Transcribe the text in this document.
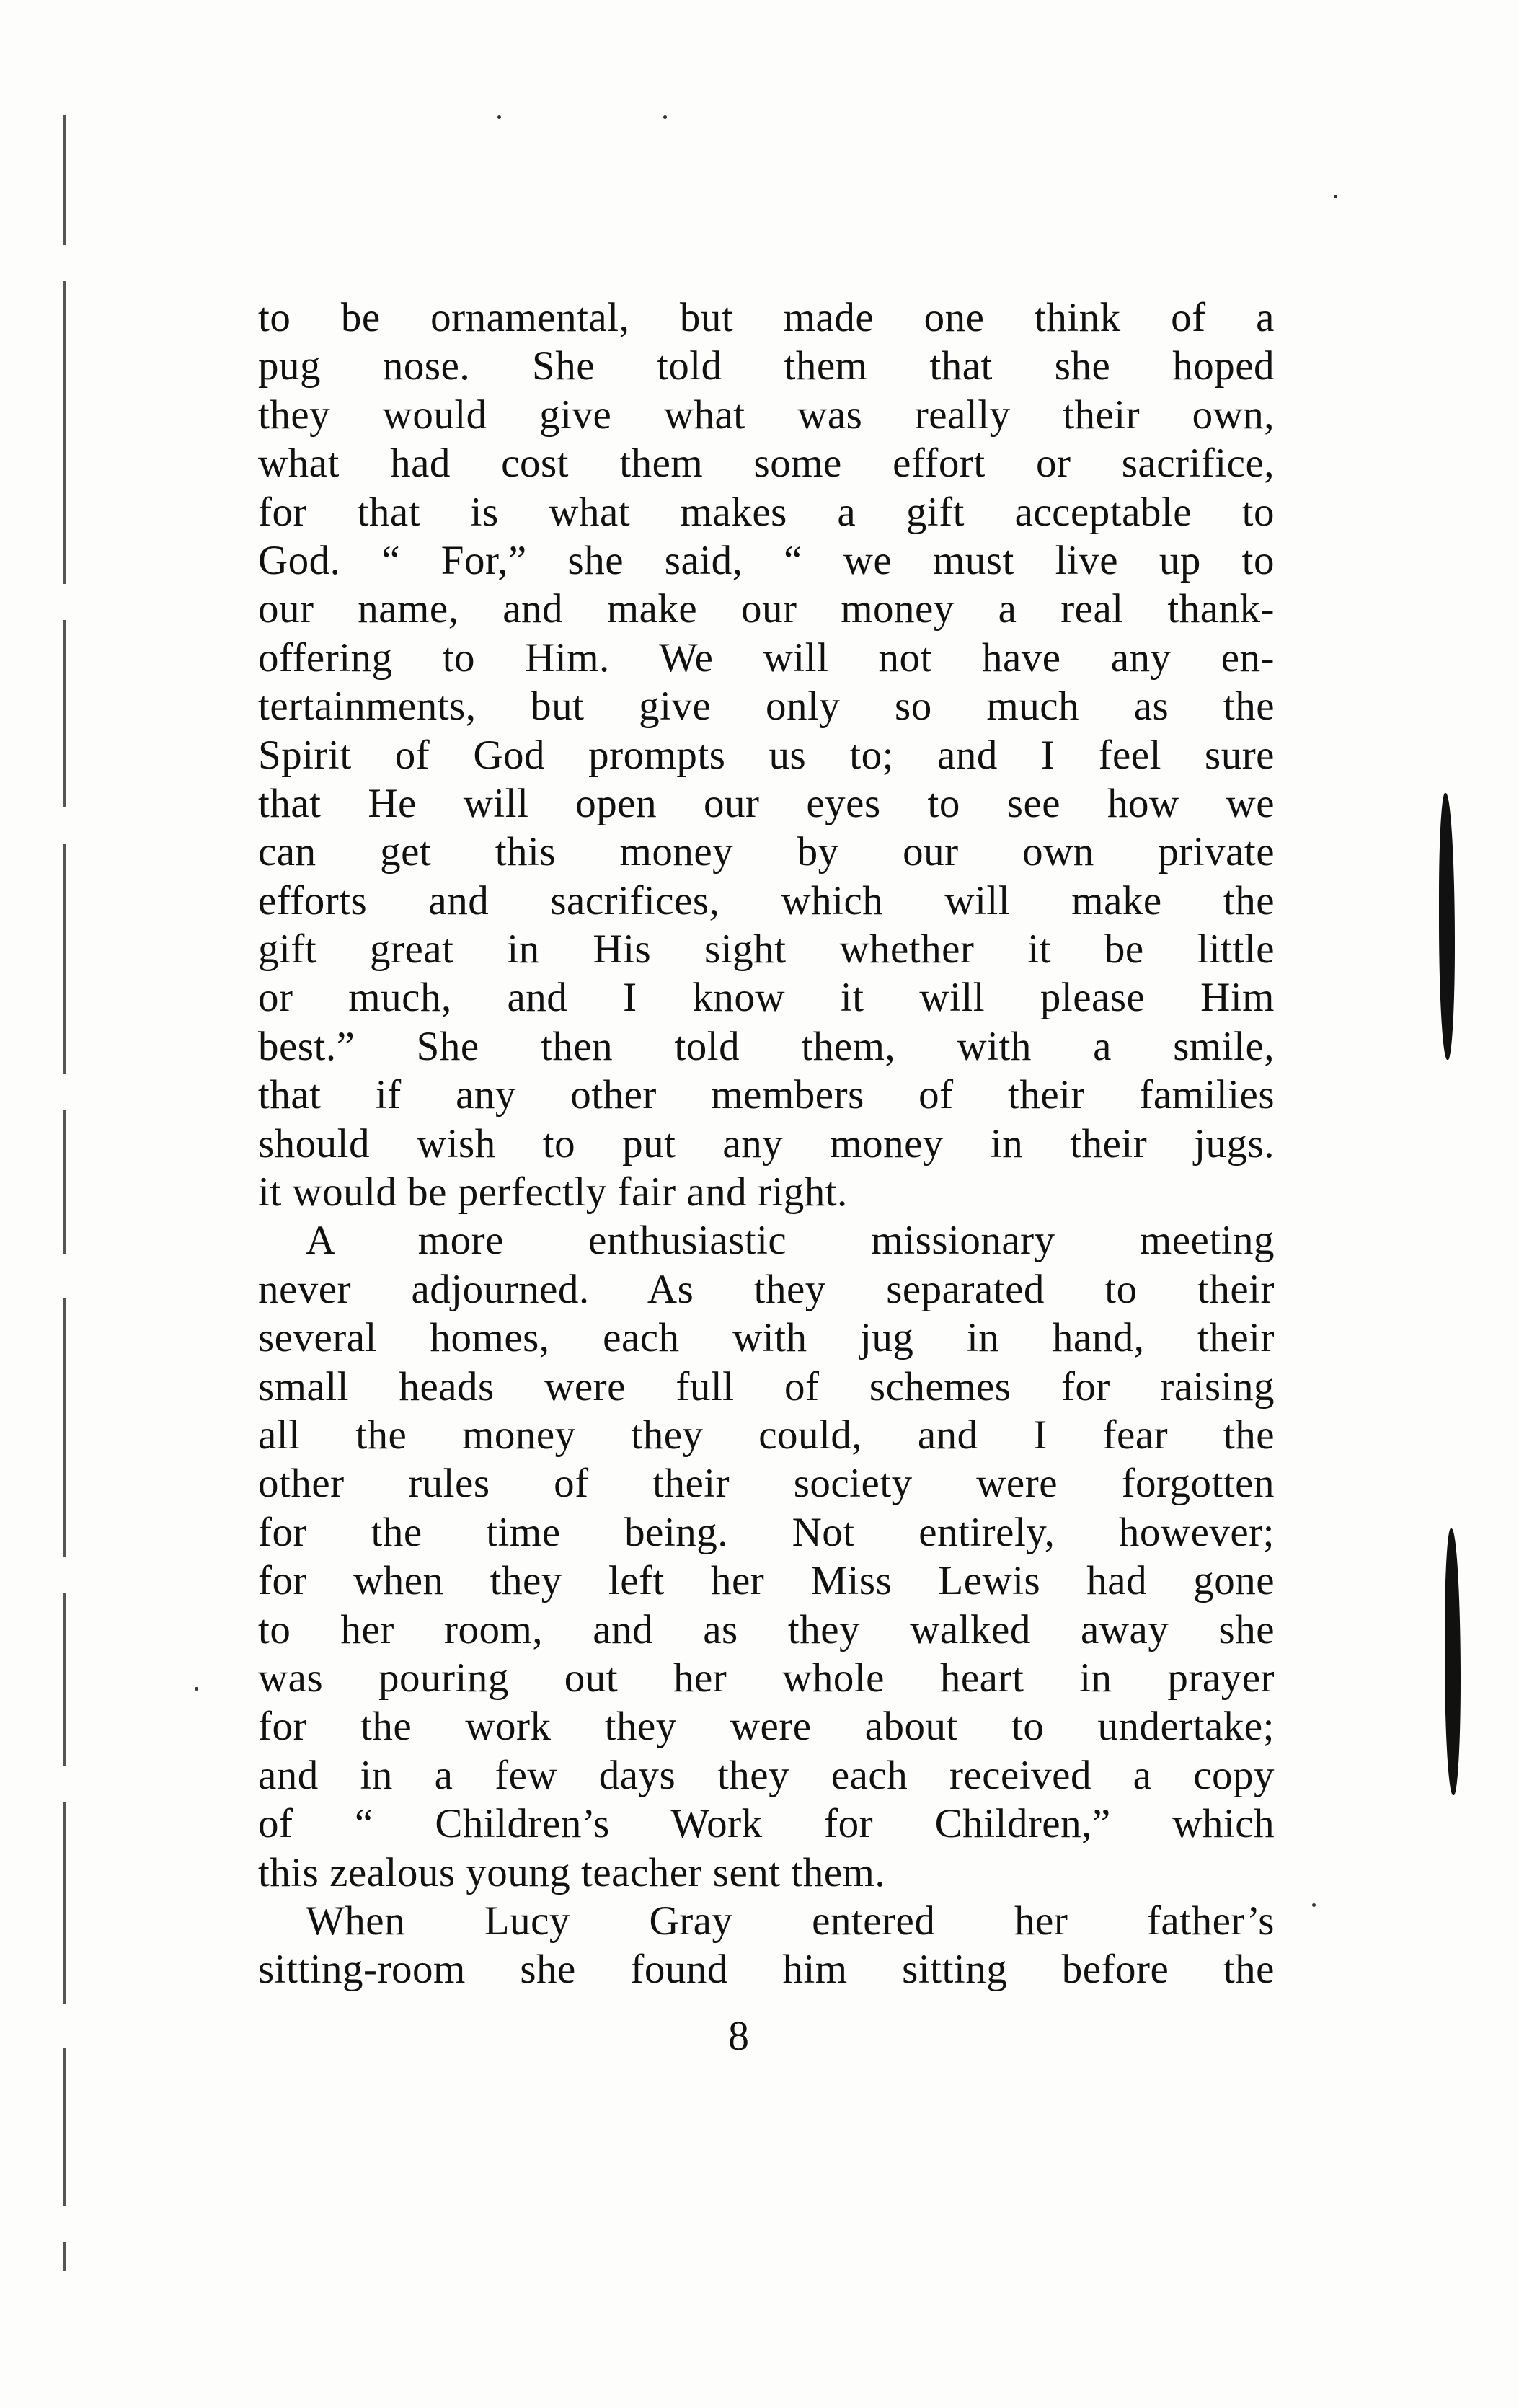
to be ornamental, but made one think of a
pug nose. She told them that she hoped
they would give what was really their own,
what had cost them some effort or sacrifice,
for that is what makes a gift acceptable to
God. “ For,” she said, “ we must live up to
our name, and make our money a real thank-
offering to Him. We will not have any en-
tertainments, but give only so much as the
Spirit of God prompts us to; and I feel sure
that He will open our eyes to see how we
can get this money by our own private
efforts and sacrifices, which will make the
gift great in His sight whether it be little
or much, and I know it will please Him
best.” She then told them, with a smile,
that if any other members of their families
should wish to put any money in their jugs.
it would be perfectly fair and right.
A more enthusiastic missionary meeting
never adjourned. As they separated to their
several homes, each with jug in hand, their
small heads were full of schemes for raising
all the money they could, and I fear the
other rules of their society were forgotten
for the time being. Not entirely, however;
for when they left her Miss Lewis had gone
to her room, and as they walked away she
was pouring out her whole heart in prayer
for the work they were about to undertake;
and in a few days they each received a copy
of “ Children’s Work for Children,” which
this zealous young teacher sent them.
When Lucy Gray entered her father’s
sitting-room she found him sitting before the
8
